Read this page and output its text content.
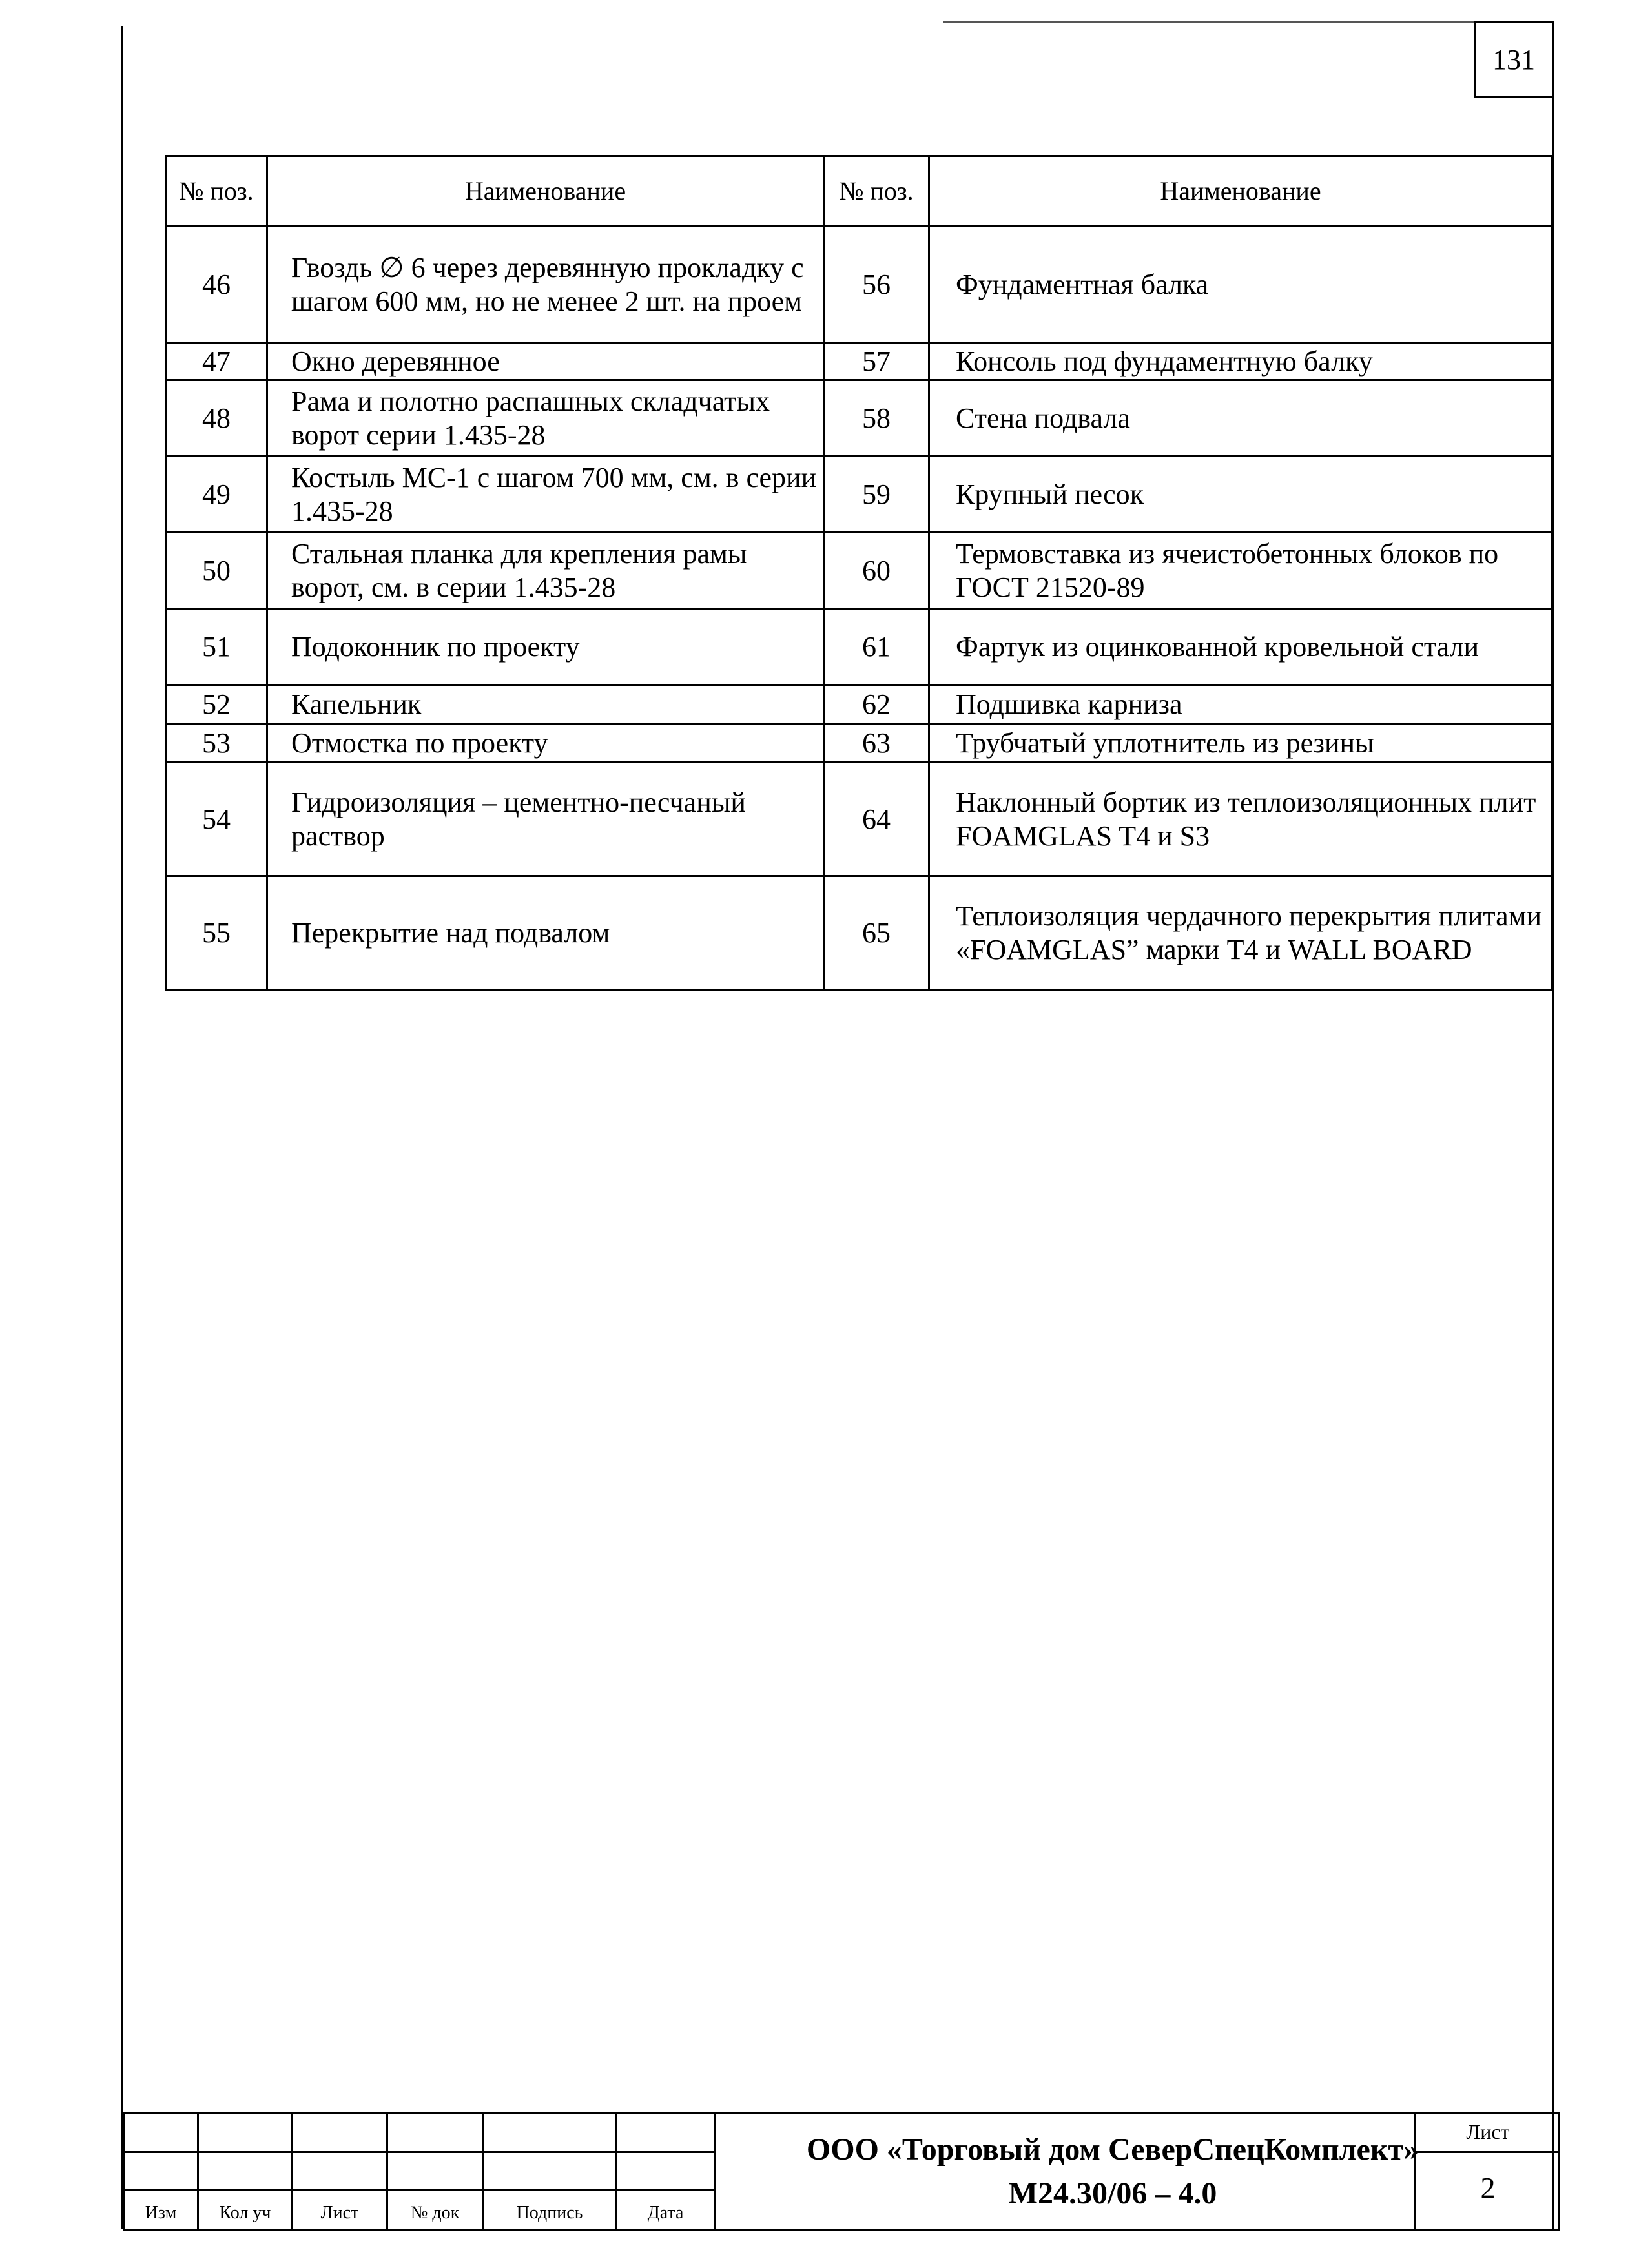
131
№ поз.	Наименование	№ поз.	Наименование
46	Гвоздь ∅ 6 через деревянную прокладку с шагом 600 мм, но не менее 2 шт. на проем	56	Фундаментная балка
47	Окно деревянное	57	Консоль под фундаментную балку
48	Рама и полотно распашных складчатых ворот серии 1.435-28	58	Стена подвала
49	Костыль МС-1 с шагом 700 мм, см. в серии 1.435-28	59	Крупный песок
50	Стальная планка для крепления рамы ворот, см. в серии 1.435-28	60	Термовставка из ячеистобетонных блоков по ГОСТ 21520-89
51	Подоконник по проекту	61	Фартук из оцинкованной кровельной стали
52	Капельник	62	Подшивка карниза
53	Отмостка по проекту	63	Трубчатый уплотнитель из резины
54	Гидроизоляция – цементно-песчаный раствор	64	Наклонный бортик из теплоизоляционных плит FOAMGLAS T4 и S3
55	Перекрытие над подвалом	65	Теплоизоляция чердачного перекрытия плитами «FOAMGLAS” марки T4 и WALL BOARD
Изм	Кол уч	Лист	№ док	Подпись	Дата
ООО «Торговый дом СеверСпецКомплект»
М24.30/06 – 4.0
Лист
2
